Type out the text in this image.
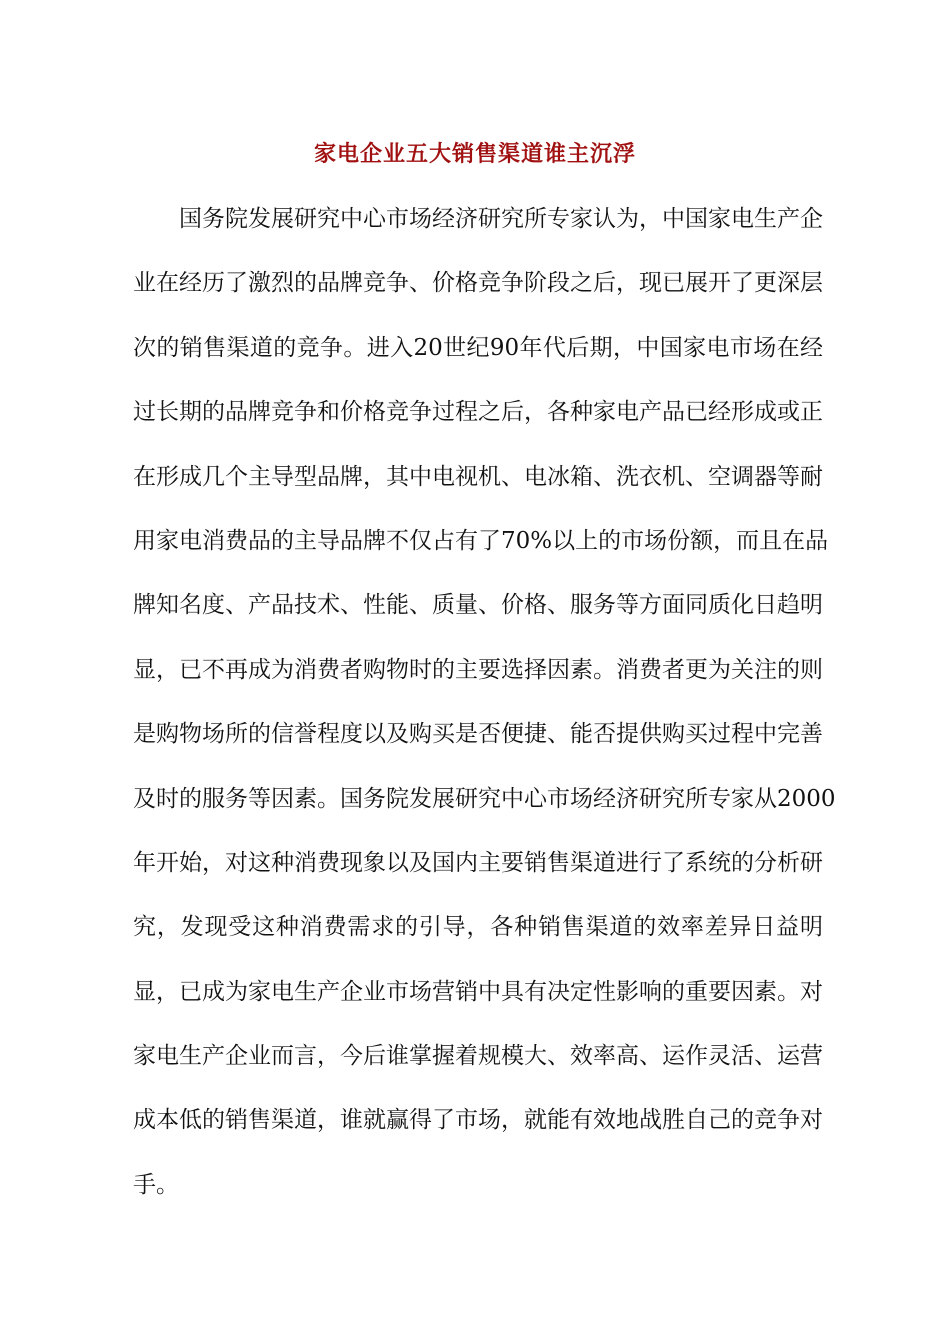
家电企业五大销售渠道谁主沉浮
国务院发展研究中心市场经济研究所专家认为，中国家电生产企
业在经历了激烈的品牌竞争、价格竞争阶段之后，现已展开了更深层
次的销售渠道的竞争。进入20世纪90年代后期，中国家电市场在经
过长期的品牌竞争和价格竞争过程之后，各种家电产品已经形成或正
在形成几个主导型品牌，其中电视机、电冰箱、洗衣机、空调器等耐
用家电消费品的主导品牌不仅占有了70%以上的市场份额，而且在品
牌知名度、产品技术、性能、质量、价格、服务等方面同质化日趋明
显，已不再成为消费者购物时的主要选择因素。消费者更为关注的则
是购物场所的信誉程度以及购买是否便捷、能否提供购买过程中完善
及时的服务等因素。国务院发展研究中心市场经济研究所专家从2000
年开始，对这种消费现象以及国内主要销售渠道进行了系统的分析研
究，发现受这种消费需求的引导，各种销售渠道的效率差异日益明
显，已成为家电生产企业市场营销中具有决定性影响的重要因素。对
家电生产企业而言，今后谁掌握着规模大、效率高、运作灵活、运营
成本低的销售渠道，谁就赢得了市场，就能有效地战胜自己的竞争对
手。
